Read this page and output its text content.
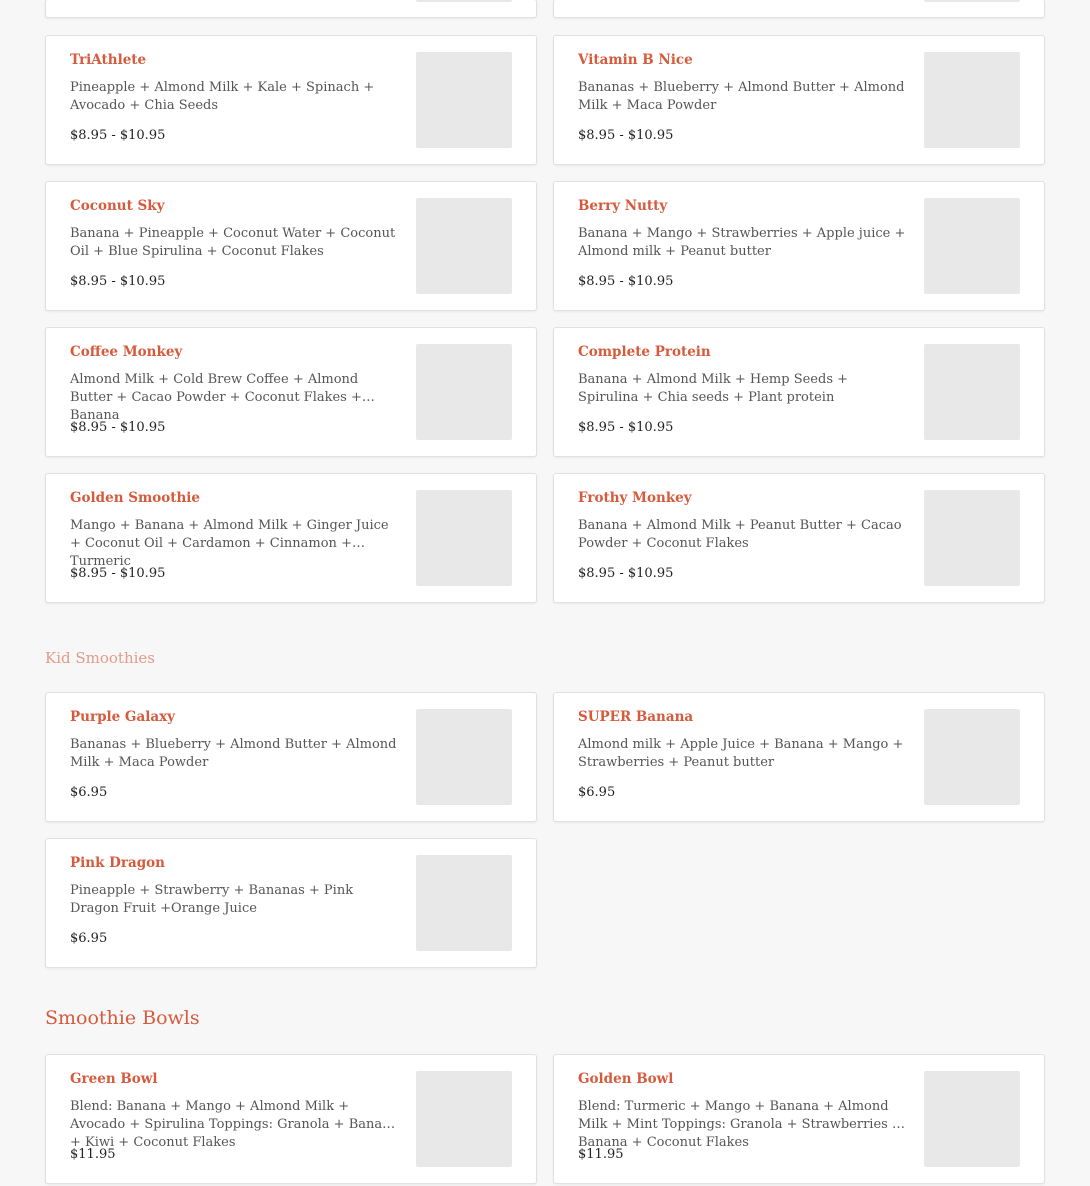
TriAthlete
Pineapple + Almond Milk + Kale + Spinach + Avocado + Chia Seeds
$8.95 - $10.95
Vitamin B Nice
Bananas + Blueberry + Almond Butter + Almond Milk + Maca Powder
$8.95 - $10.95
Coconut Sky
Banana + Pineapple + Coconut Water + Coconut Oil + Blue Spirulina + Coconut Flakes
$8.95 - $10.95
Berry Nutty
Banana + Mango + Strawberries + Apple juice + Almond milk + Peanut butter
$8.95 - $10.95
Coffee Monkey
Almond Milk + Cold Brew Coffee + Almond Butter + Cacao Powder + Coconut Flakes + Banana
$8.95 - $10.95
Complete Protein
Banana + Almond Milk + Hemp Seeds + Spirulina + Chia seeds + Plant protein
$8.95 - $10.95
Golden Smoothie
Mango + Banana + Almond Milk + Ginger Juice + Coconut Oil + Cardamon + Cinnamon + Turmeric
$8.95 - $10.95
Frothy Monkey
Banana + Almond Milk + Peanut Butter + Cacao Powder + Coconut Flakes
$8.95 - $10.95
Kid Smoothies
Purple Galaxy
Bananas + Blueberry + Almond Butter + Almond Milk + Maca Powder
$6.95
SUPER Banana
Almond milk + Apple Juice + Banana + Mango + Strawberries + Peanut butter
$6.95
Pink Dragon
Pineapple + Strawberry + Bananas + Pink Dragon Fruit +Orange Juice
$6.95
Smoothie Bowls
Green Bowl
Blend: Banana + Mango + Almond Milk + Avocado + Spirulina Toppings: Granola + Banana + Kiwi + Coconut Flakes
$11.95
Golden Bowl
Blend: Turmeric + Mango + Banana + Almond Milk + Mint Toppings: Granola + Strawberries + Banana + Coconut Flakes
$11.95
